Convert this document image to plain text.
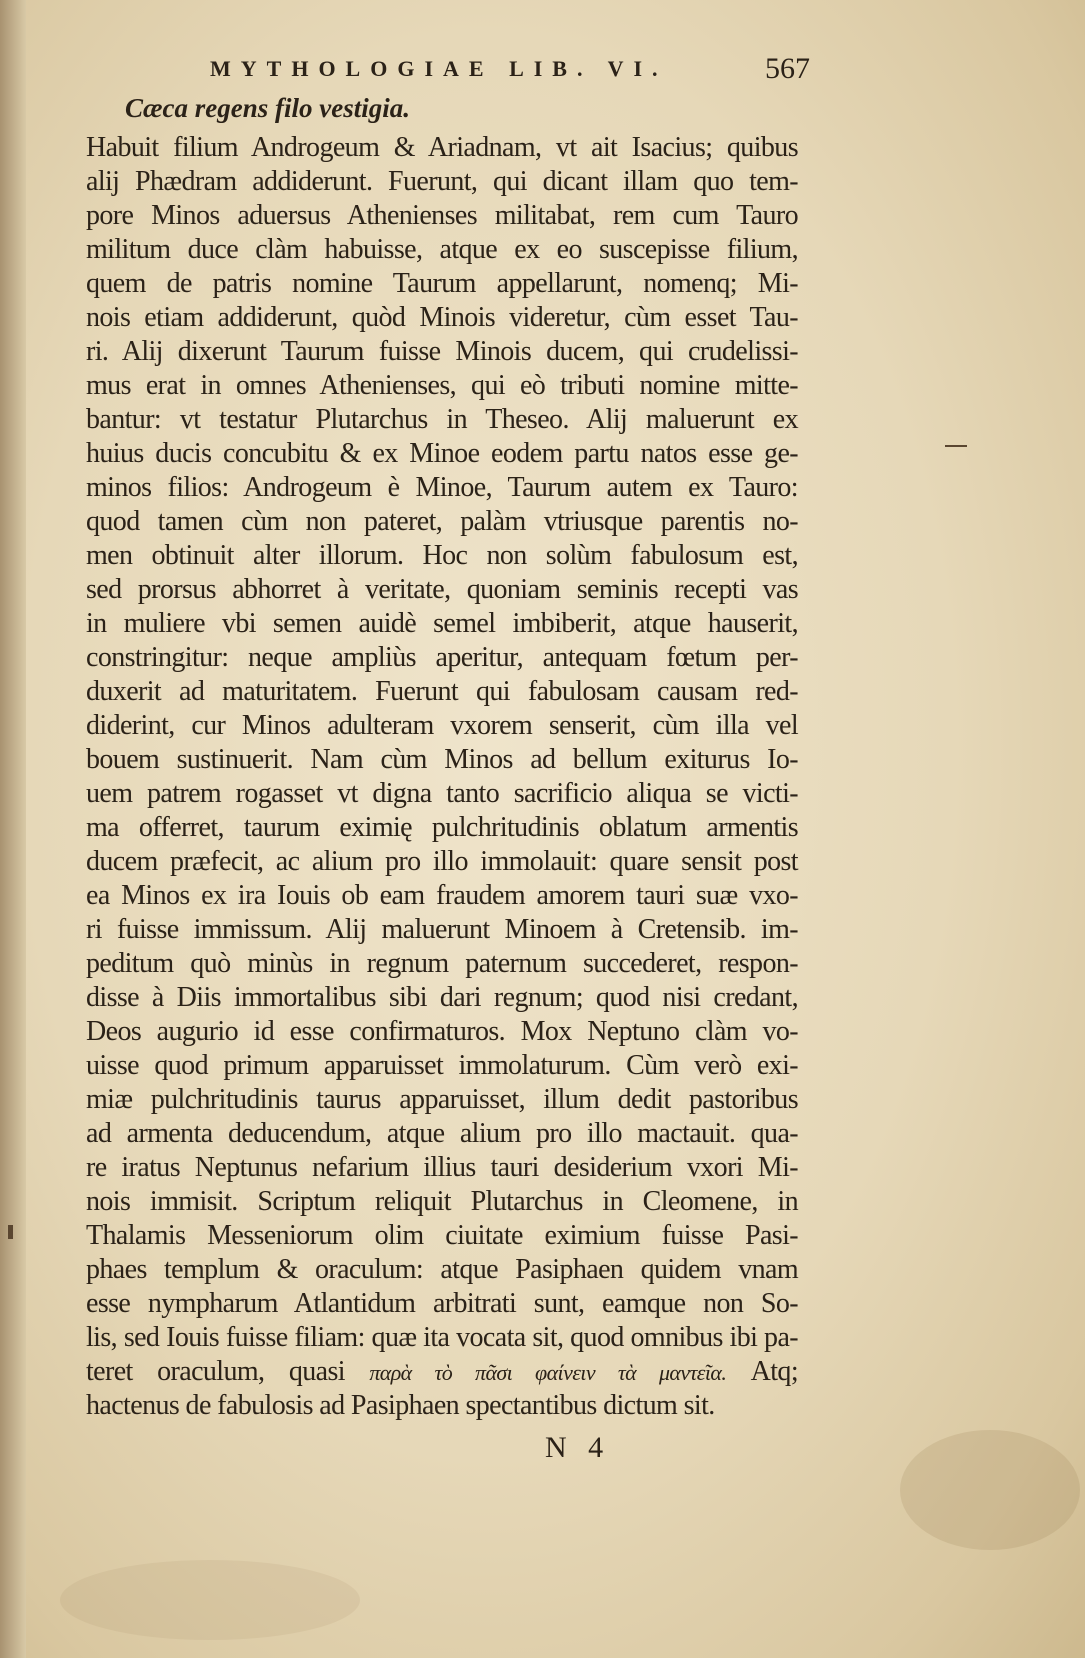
MYTHOLOGIAE LIB. VI.	567
Cæca regens filo vestigia.
Habuit filium Androgeum & Ariadnam, vt ait Isacius; quibus
alij Phædram addiderunt. Fuerunt, qui dicant illam quo tem-
pore Minos aduersus Athenienses militabat, rem cum Tauro
militum duce clàm habuisse, atque ex eo suscepisse filium,
quem de patris nomine Taurum appellarunt, nomenq; Mi-
nois etiam addiderunt, quòd Minois videretur, cùm esset Tau-
ri. Alij dixerunt Taurum fuisse Minois ducem, qui crudelissi-
mus erat in omnes Athenienses, qui eò tributi nomine mitte-
bantur: vt testatur Plutarchus in Theseo. Alij maluerunt ex
huius ducis concubitu & ex Minoe eodem partu natos esse ge-
minos filios: Androgeum è Minoe, Taurum autem ex Tauro:
quod tamen cùm non pateret, palàm vtriusque parentis no-
men obtinuit alter illorum. Hoc non solùm fabulosum est,
sed prorsus abhorret à veritate, quoniam seminis recepti vas
in muliere vbi semen auidè semel imbiberit, atque hauserit,
constringitur: neque ampliùs aperitur, antequam fœtum per-
duxerit ad maturitatem. Fuerunt qui fabulosam causam red-
diderint, cur Minos adulteram vxorem senserit, cùm illa vel
bouem sustinuerit. Nam cùm Minos ad bellum exiturus Io-
uem patrem rogasset vt digna tanto sacrificio aliqua se victi-
ma offerret, taurum eximię pulchritudinis oblatum armentis
ducem præfecit, ac alium pro illo immolauit: quare sensit post
ea Minos ex ira Iouis ob eam fraudem amorem tauri suæ vxo-
ri fuisse immissum. Alij maluerunt Minoem à Cretensib. im-
peditum quò minùs in regnum paternum succederet, respon-
disse à Diis immortalibus sibi dari regnum; quod nisi credant,
Deos augurio id esse confirmaturos. Mox Neptuno clàm vo-
uisse quod primum apparuisset immolaturum. Cùm verò exi-
miæ pulchritudinis taurus apparuisset, illum dedit pastoribus
ad armenta deducendum, atque alium pro illo mactauit. qua-
re iratus Neptunus nefarium illius tauri desiderium vxori Mi-
nois immisit. Scriptum reliquit Plutarchus in Cleomene, in
Thalamis Messeniorum olim ciuitate eximium fuisse Pasi-
phaes templum & oraculum: atque Pasiphaen quidem vnam
esse nympharum Atlantidum arbitrati sunt, eamque non So-
lis, sed Iouis fuisse filiam: quæ ita vocata sit, quod omnibus ibi pa-
teret oraculum, quasi παρὰ τὸ πᾶσι φαίνειν τὰ μαντεῖα. Atq;
hactenus de fabulosis ad Pasiphaen spectantibus dictum sit.
N 4
